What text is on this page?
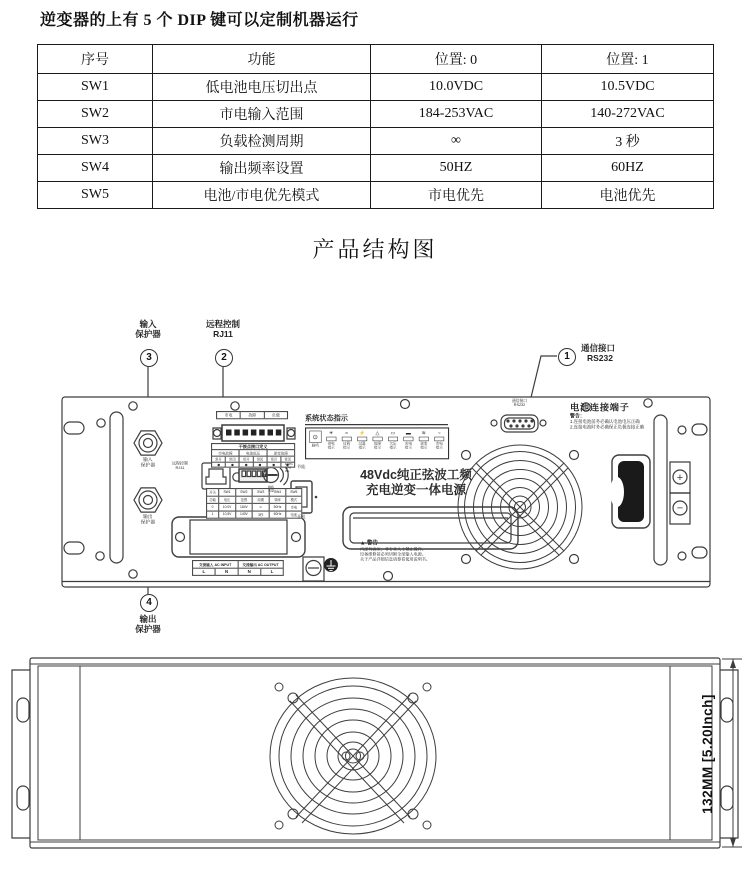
逆变器的上有 5 个 DIP 键可以定制机器运行
序号	功能	位置: 0	位置: 1
SW1	低电池电压切出点	10.0VDC	10.5VDC
SW2	市电输入范围	184-253VAC	140-272VAC
SW3	负载检测周期	∞	3 秒
SW4	输出频率设置	50HZ	60HZ
SW5	电池/市电优先模式	市电优先	电池优先
产品结构图
+
−
输入
保护器
3
远程控制
RJ11
2	1
通信接口
RS232
4
输出
保护器
输入
保护器
输出
保护器
远程控制
RJ11
通信接口
RS232
市电	故障	负载
干接点接口定义
市电故障	电池低压	逆变故障
常开	常闭	常开	常闭	常开	常闭
开关	SW1	SW2	SW3	SW4	SW5
功能	电压	范围	周期	频率	模式
0	10.0V	184V	∞	50Hz	市电
1	10.5V	140V	3秒	60Hz	电池
100%
50%
0%
蜂鸣
音量
节能
开机
系统状态指示
⊙
蜂鸣
☀
省电指示
≈
过载指示
⚡
过温指示
△
故障指示
▭
欠压指示
▬
充电指示
≋
逆变指示
~
市电指示
48Vdc纯正弦波工频
充电逆变一体电源
交流输入 AC INPUT	交流输出 AC OUTPUT
L	N	N	L
▲ 警告
内部有高压，非专业人士禁止操作。
设备维修前必须切断全部输入电源。
关于产品详细信息请参看使用说明书。
电池连接端子
警告：
1.连接电池前务必确认电池电压正确
2.连接电池时务必确保正负极连接正确
132MM [5.20Inch]
